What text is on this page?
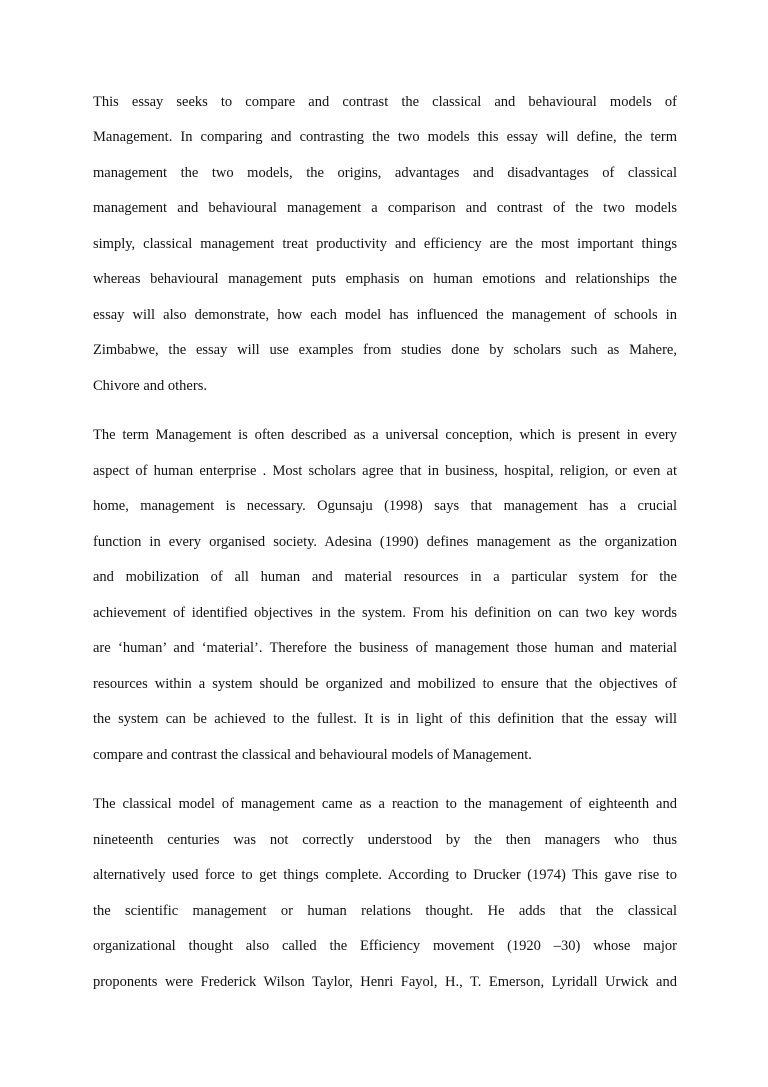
This essay seeks to compare and contrast the classical and behavioural models of
Management. In comparing and contrasting the two models this essay will define, the term
management the two models, the origins, advantages and disadvantages of classical
management and behavioural management a comparison and contrast of the two models
simply, classical management treat productivity and efficiency are the most important things
whereas behavioural management puts emphasis on human emotions and relationships the
essay will also demonstrate, how each model has influenced the management of schools in
Zimbabwe, the essay will use examples from studies done by scholars such as Mahere,
Chivore and others.
The term Management is often described as a universal conception, which is present in every
aspect of human enterprise . Most scholars agree that in business, hospital, religion, or even at
home, management is necessary. Ogunsaju (1998) says that management has a crucial
function in every organised society. Adesina (1990) defines management as the organization
and mobilization of all human and material resources in a particular system for the
achievement of identified objectives in the system. From his definition on can two key words
are ‘human’ and ‘material’. Therefore the business of management those human and material
resources within a system should be organized and mobilized to ensure that the objectives of
the system can be achieved to the fullest. It is in light of this definition that the essay will
compare and contrast the classical and behavioural models of Management.
The classical model of management came as a reaction to the management of eighteenth and
nineteenth centuries was not correctly understood by the then managers who thus
alternatively used force to get things complete. According to Drucker (1974) This gave rise to
the scientific management or human relations thought. He adds that the classical
organizational thought also called the Efficiency movement (1920 –30) whose major
proponents were Frederick Wilson Taylor, Henri Fayol, H., T. Emerson, Lyridall Urwick and
